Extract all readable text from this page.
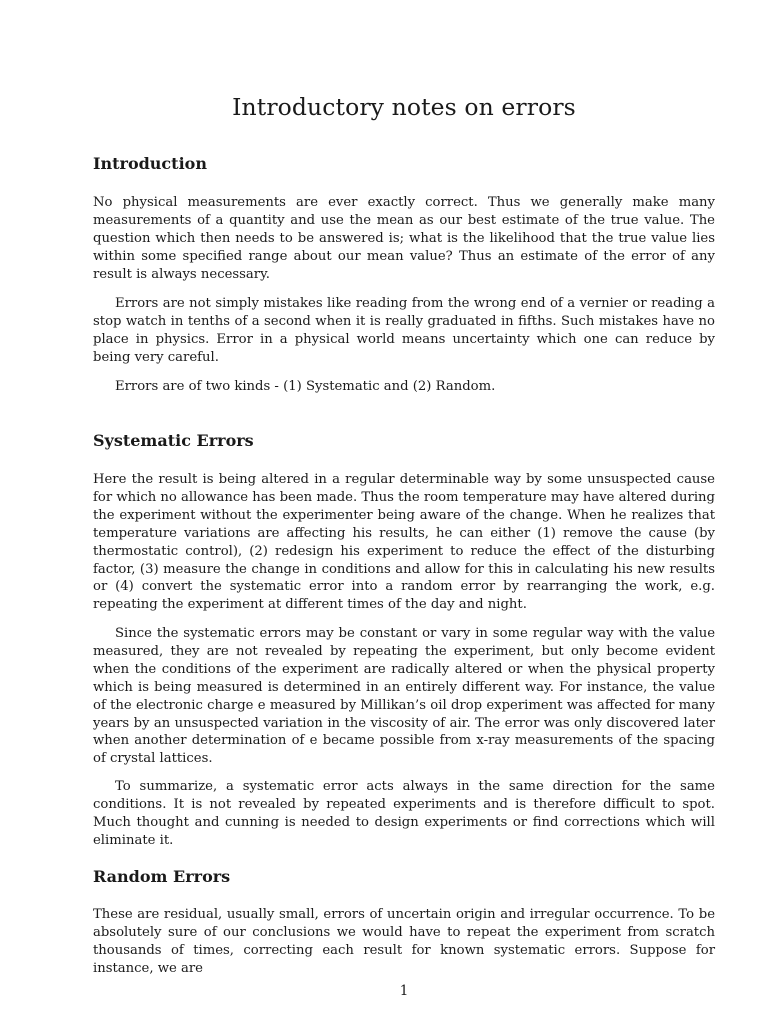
Introductory notes on errors
Introduction

No physical measurements are ever exactly correct. Thus we generally make many measurements of a quantity and use the mean as our best estimate of the true value. The question which then needs to be answered is; what is the likelihood that the true value lies within some specified range about our mean value? Thus an estimate of the error of any result is always necessary.

Errors are not simply mistakes like reading from the wrong end of a vernier or reading a stop watch in tenths of a second when it is really graduated in fifths. Such mistakes have no place in physics. Error in a physical world means uncertainty which one can reduce by being very careful.

Errors are of two kinds - (1) Systematic and (2) Random.

Systematic Errors

Here the result is being altered in a regular determinable way by some unsuspected cause for which no allowance has been made. Thus the room temperature may have altered during the experiment without the experimenter being aware of the change. When he realizes that temperature variations are affecting his results, he can either (1) remove the cause (by thermostatic control), (2) redesign his experiment to reduce the effect of the disturbing factor, (3) measure the change in conditions and allow for this in calculating his new results or (4) convert the systematic error into a random error by rearranging the work, e.g. repeating the experiment at different times of the day and night.

Since the systematic errors may be constant or vary in some regular way with the value measured, they are not revealed by repeating the experiment, but only become evident when the conditions of the experiment are radically altered or when the physical property which is being measured is determined in an entirely different way. For instance, the value of the electronic charge e measured by Millikan’s oil drop experiment was affected for many years by an unsuspected variation in the viscosity of air. The error was only discovered later when another determination of e became possible from x-ray measurements of the spacing of crystal lattices.

To summarize, a systematic error acts always in the same direction for the same conditions. It is not revealed by repeated experiments and is therefore difficult to spot. Much thought and cunning is needed to design experiments or find corrections which will eliminate it.

Random Errors

These are residual, usually small, errors of uncertain origin and irregular occurrence. To be absolutely sure of our conclusions we would have to repeat the experiment from scratch thousands of times, correcting each result for known systematic errors. Suppose for instance, we are

1
